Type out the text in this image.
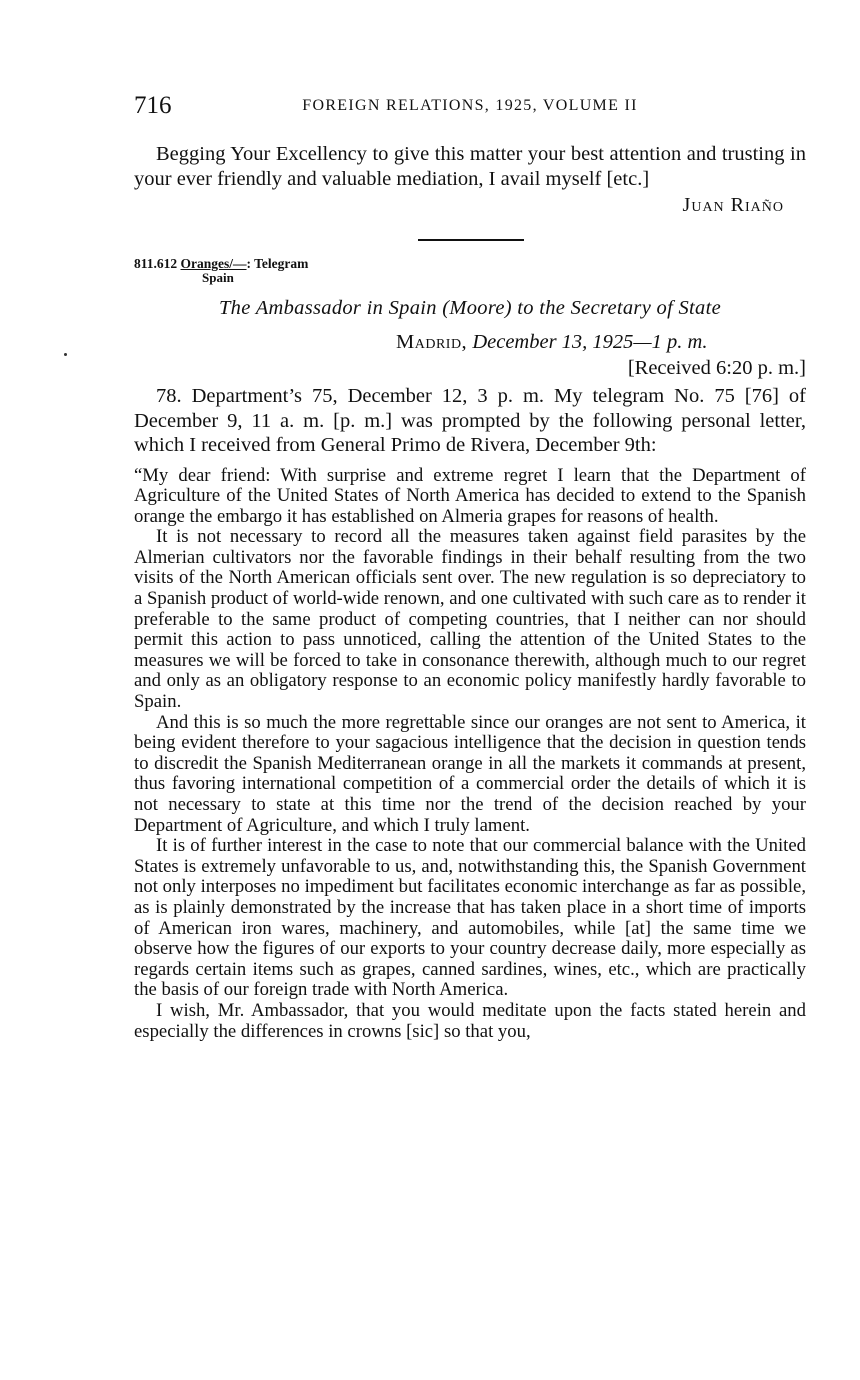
716	FOREIGN RELATIONS, 1925, VOLUME II

Begging Your Excellency to give this matter your best attention and trusting in your ever friendly and valuable mediation, I avail myself [etc.]

Juan Riaño
811.612 Oranges/—: Telegram
Spain
The Ambassador in Spain (Moore) to the Secretary of State
Madrid, December 13, 1925—1 p. m.
[Received 6:20 p. m.]

78. Department’s 75, December 12, 3 p. m. My telegram No. 75 [76] of December 9, 11 a. m. [p. m.] was prompted by the following personal letter, which I received from General Primo de Rivera, December 9th:

“My dear friend: With surprise and extreme regret I learn that the Department of Agriculture of the United States of North America has decided to extend to the Spanish orange the embargo it has established on Almeria grapes for reasons of health.

It is not necessary to record all the measures taken against field parasites by the Almerian cultivators nor the favorable findings in their behalf resulting from the two visits of the North American officials sent over. The new regulation is so depreciatory to a Spanish product of world-wide renown, and one cultivated with such care as to render it preferable to the same product of competing countries, that I neither can nor should permit this action to pass unnoticed, calling the attention of the United States to the measures we will be forced to take in consonance therewith, although much to our regret and only as an obligatory response to an economic policy manifestly hardly favorable to Spain.

And this is so much the more regrettable since our oranges are not sent to America, it being evident therefore to your sagacious intelligence that the decision in question tends to discredit the Spanish Mediterranean orange in all the markets it commands at present, thus favoring international competition of a commercial order the details of which it is not necessary to state at this time nor the trend of the decision reached by your Department of Agriculture, and which I truly lament.

It is of further interest in the case to note that our commercial balance with the United States is extremely unfavorable to us, and, notwithstanding this, the Spanish Government not only interposes no impediment but facilitates economic interchange as far as possible, as is plainly demonstrated by the increase that has taken place in a short time of imports of American iron wares, machinery, and automobiles, while [at] the same time we observe how the figures of our exports to your country decrease daily, more especially as regards certain items such as grapes, canned sardines, wines, etc., which are practically the basis of our foreign trade with North America.

I wish, Mr. Ambassador, that you would meditate upon the facts stated herein and especially the differences in crowns [sic] so that you,
